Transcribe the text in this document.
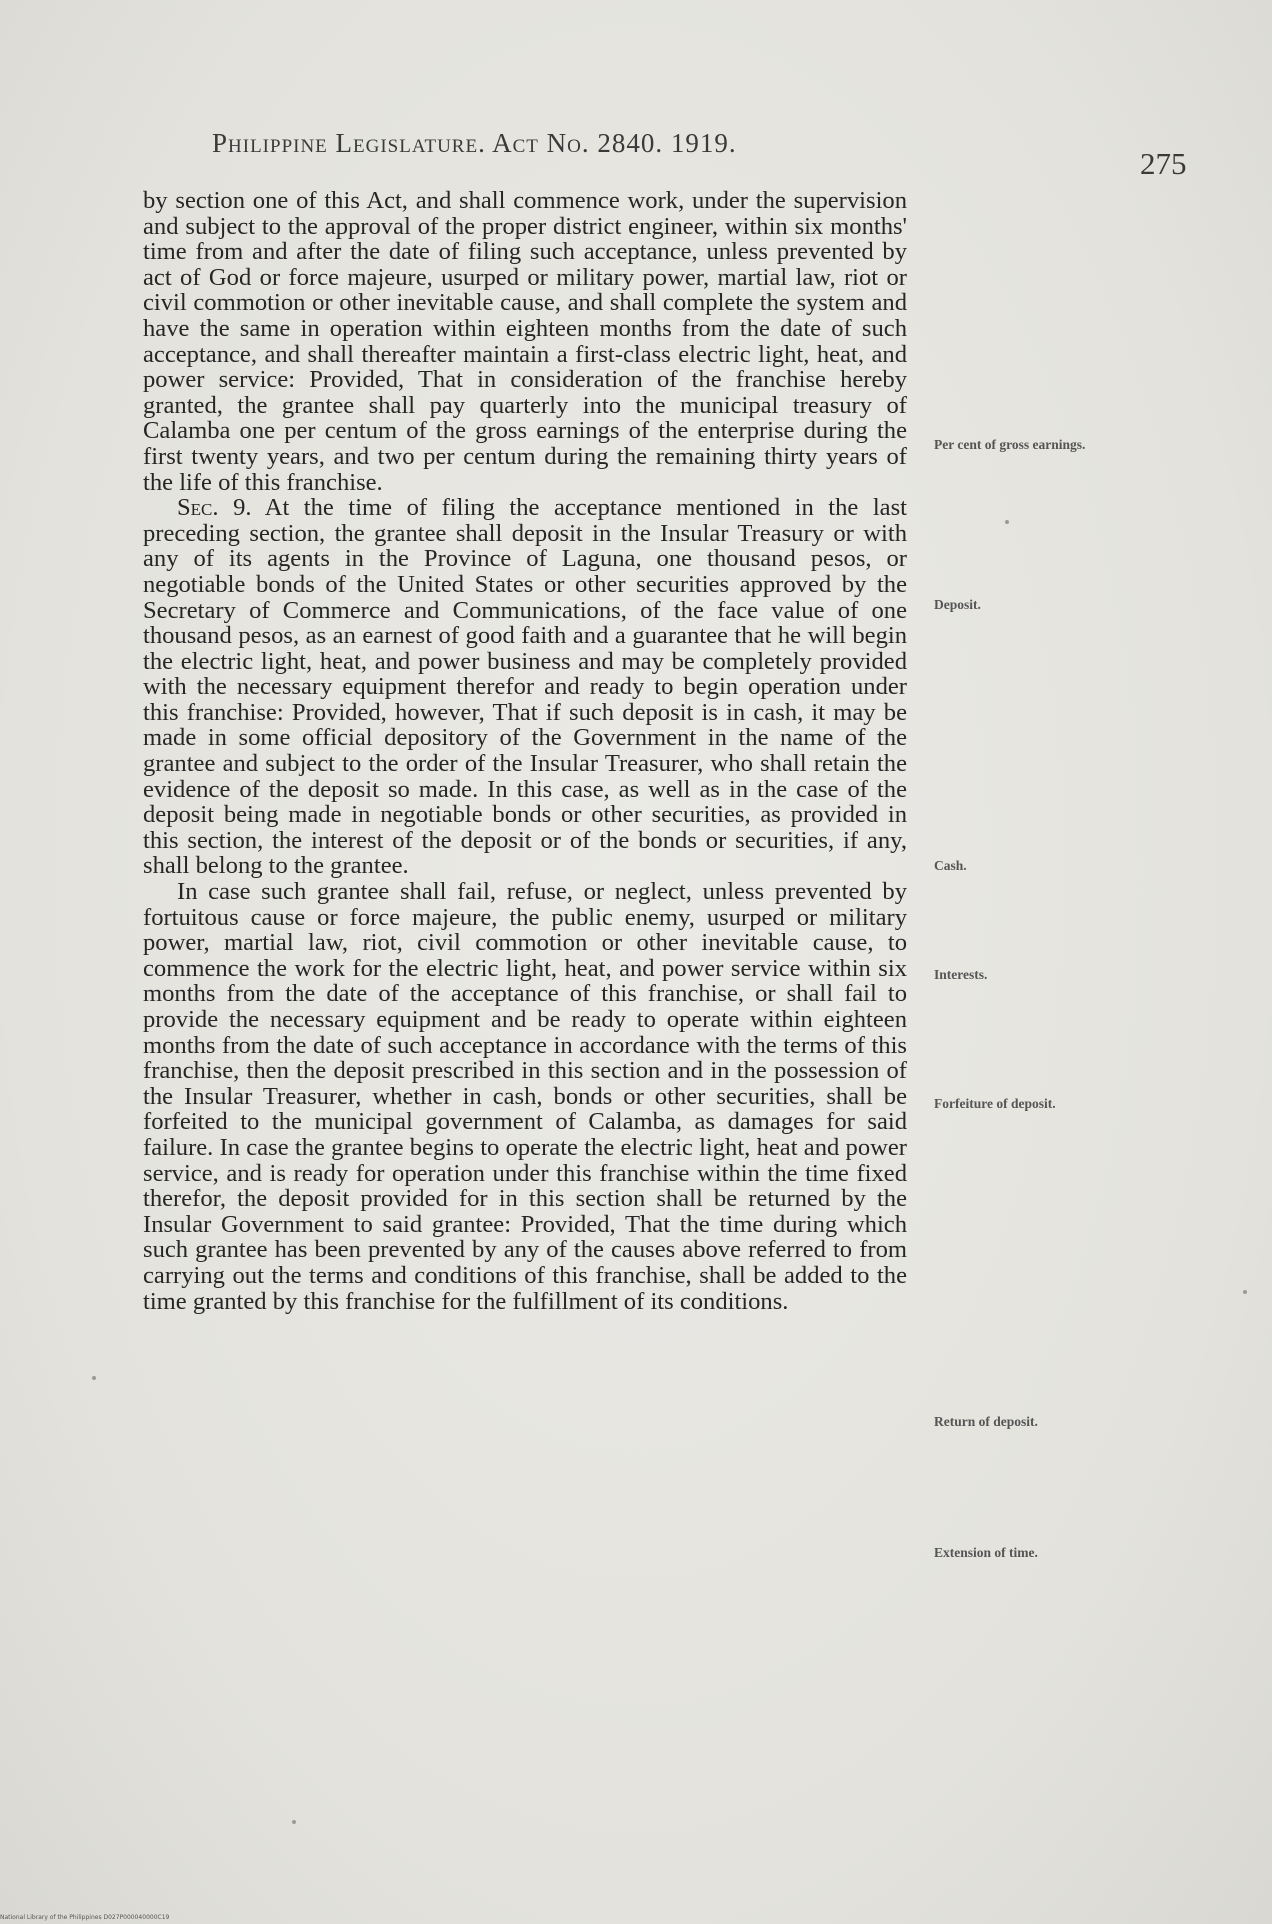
Philippine Legislature. Act No. 2840. 1919.
275

by section one of this Act, and shall commence work, under the supervision and subject to the approval of the proper district engineer, within six months' time from and after the date of filing such acceptance, unless prevented by act of God or force majeure, usurped or military power, martial law, riot or civil commotion or other inevitable cause, and shall complete the system and have the same in operation within eighteen months from the date of such acceptance, and shall thereafter maintain a first-class electric light, heat, and power service: Provided, That in consideration of the franchise hereby granted, the grantee shall pay quarterly into the municipal treasury of Calamba one per centum of the gross earnings of the enterprise during the first twenty years, and two per centum during the remaining thirty years of the life of this franchise.

Sec. 9. At the time of filing the acceptance mentioned in the last preceding section, the grantee shall deposit in the Insular Treasury or with any of its agents in the Province of Laguna, one thousand pesos, or negotiable bonds of the United States or other securities approved by the Secretary of Commerce and Communications, of the face value of one thousand pesos, as an earnest of good faith and a guarantee that he will begin the electric light, heat, and power business and may be completely provided with the necessary equipment therefor and ready to begin operation under this franchise: Provided, however, That if such deposit is in cash, it may be made in some official depository of the Government in the name of the grantee and subject to the order of the Insular Treasurer, who shall retain the evidence of the deposit so made. In this case, as well as in the case of the deposit being made in negotiable bonds or other securities, as provided in this section, the interest of the deposit or of the bonds or securities, if any, shall belong to the grantee.

In case such grantee shall fail, refuse, or neglect, unless prevented by fortuitous cause or force majeure, the public enemy, usurped or military power, martial law, riot, civil commotion or other inevitable cause, to commence the work for the electric light, heat, and power service within six months from the date of the acceptance of this franchise, or shall fail to provide the necessary equipment and be ready to operate within eighteen months from the date of such acceptance in accordance with the terms of this franchise, then the deposit prescribed in this section and in the possession of the Insular Treasurer, whether in cash, bonds or other securities, shall be forfeited to the municipal government of Calamba, as damages for said failure. In case the grantee begins to operate the electric light, heat and power service, and is ready for operation under this franchise within the time fixed therefor, the deposit provided for in this section shall be returned by the Insular Government to said grantee: Provided, That the time during which such grantee has been prevented by any of the causes above referred to from carrying out the terms and conditions of this franchise, shall be added to the time granted by this franchise for the fulfillment of its conditions.

Per cent of gross earnings.
Deposit.
Cash.
Interests.
Forfeiture of deposit.
Return of deposit.
Extension of time.
National Library of the Philippines D027P000040000C19
